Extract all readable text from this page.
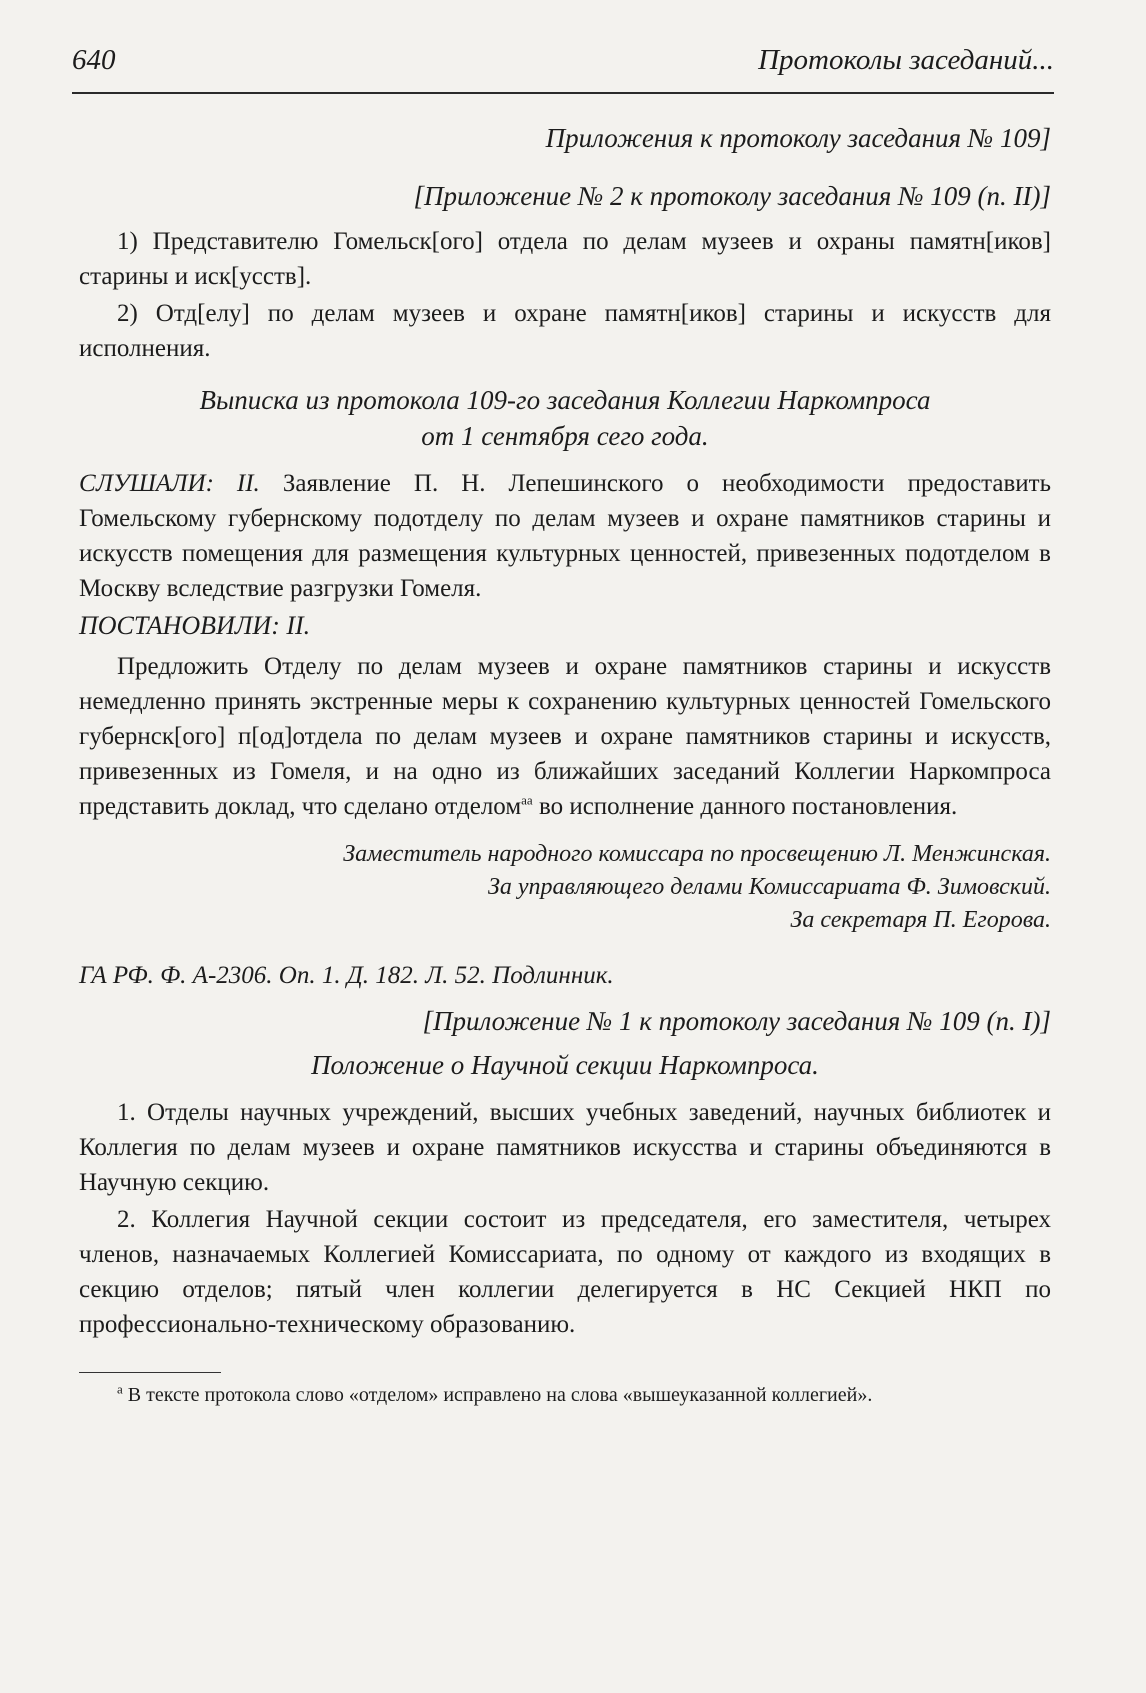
640	Протоколы заседаний...

Приложения к протоколу заседания № 109]

[Приложение № 2 к протоколу заседания № 109 (п. II)]

1) Представителю Гомельск[ого] отдела по делам музеев и охраны памятн[иков] старины и иск[усств].

2) Отд[елу] по делам музеев и охране памятн[иков] старины и искусств для исполнения.

Выписка из протокола 109-го заседания Коллегии Наркомпроса

от 1 сентября сего года.

СЛУШАЛИ: II. Заявление П. Н. Лепешинского о необходимости предоставить Гомельскому губернскому подотделу по делам музеев и охране памятников старины и искусств помещения для размещения культурных ценностей, привезенных подотделом в Москву вследствие разгрузки Гомеля.

ПОСТАНОВИЛИ: II.

Предложить Отделу по делам музеев и охране памятников старины и искусств немедленно принять экстренные меры к сохранению культурных ценностей Гомельского губернск[ого] п[од]отдела по делам музеев и охране памятников старины и искусств, привезенных из Гомеля, и на одно из ближайших заседаний Коллегии Наркомпроса представить доклад, что сделано отделом$^{аа}$ во исполнение данного постановления.

Заместитель народного комиссара по просвещению Л. Менжинская.

За управляющего делами Комиссариата Ф. Зимовский.

За секретаря П. Егорова.

ГА РФ. Ф. А-2306. Оп. 1. Д. 182. Л. 52. Подлинник.

[Приложение № 1 к протоколу заседания № 109 (п. I)]

Положение о Научной секции Наркомпроса.

1. Отделы научных учреждений, высших учебных заведений, научных библиотек и Коллегия по делам музеев и охране памятников искусства и старины объединяются в Научную секцию.

2. Коллегия Научной секции состоит из председателя, его заместителя, четырех членов, назначаемых Коллегией Комиссариата, по одному от каждого из входящих в секцию отделов; пятый член коллегии делегируется в НС Секцией НКП по профессионально-техническому образованию.

$^а$ В тексте протокола слово «отделом» исправлено на слова «вышеуказанной коллегией».
